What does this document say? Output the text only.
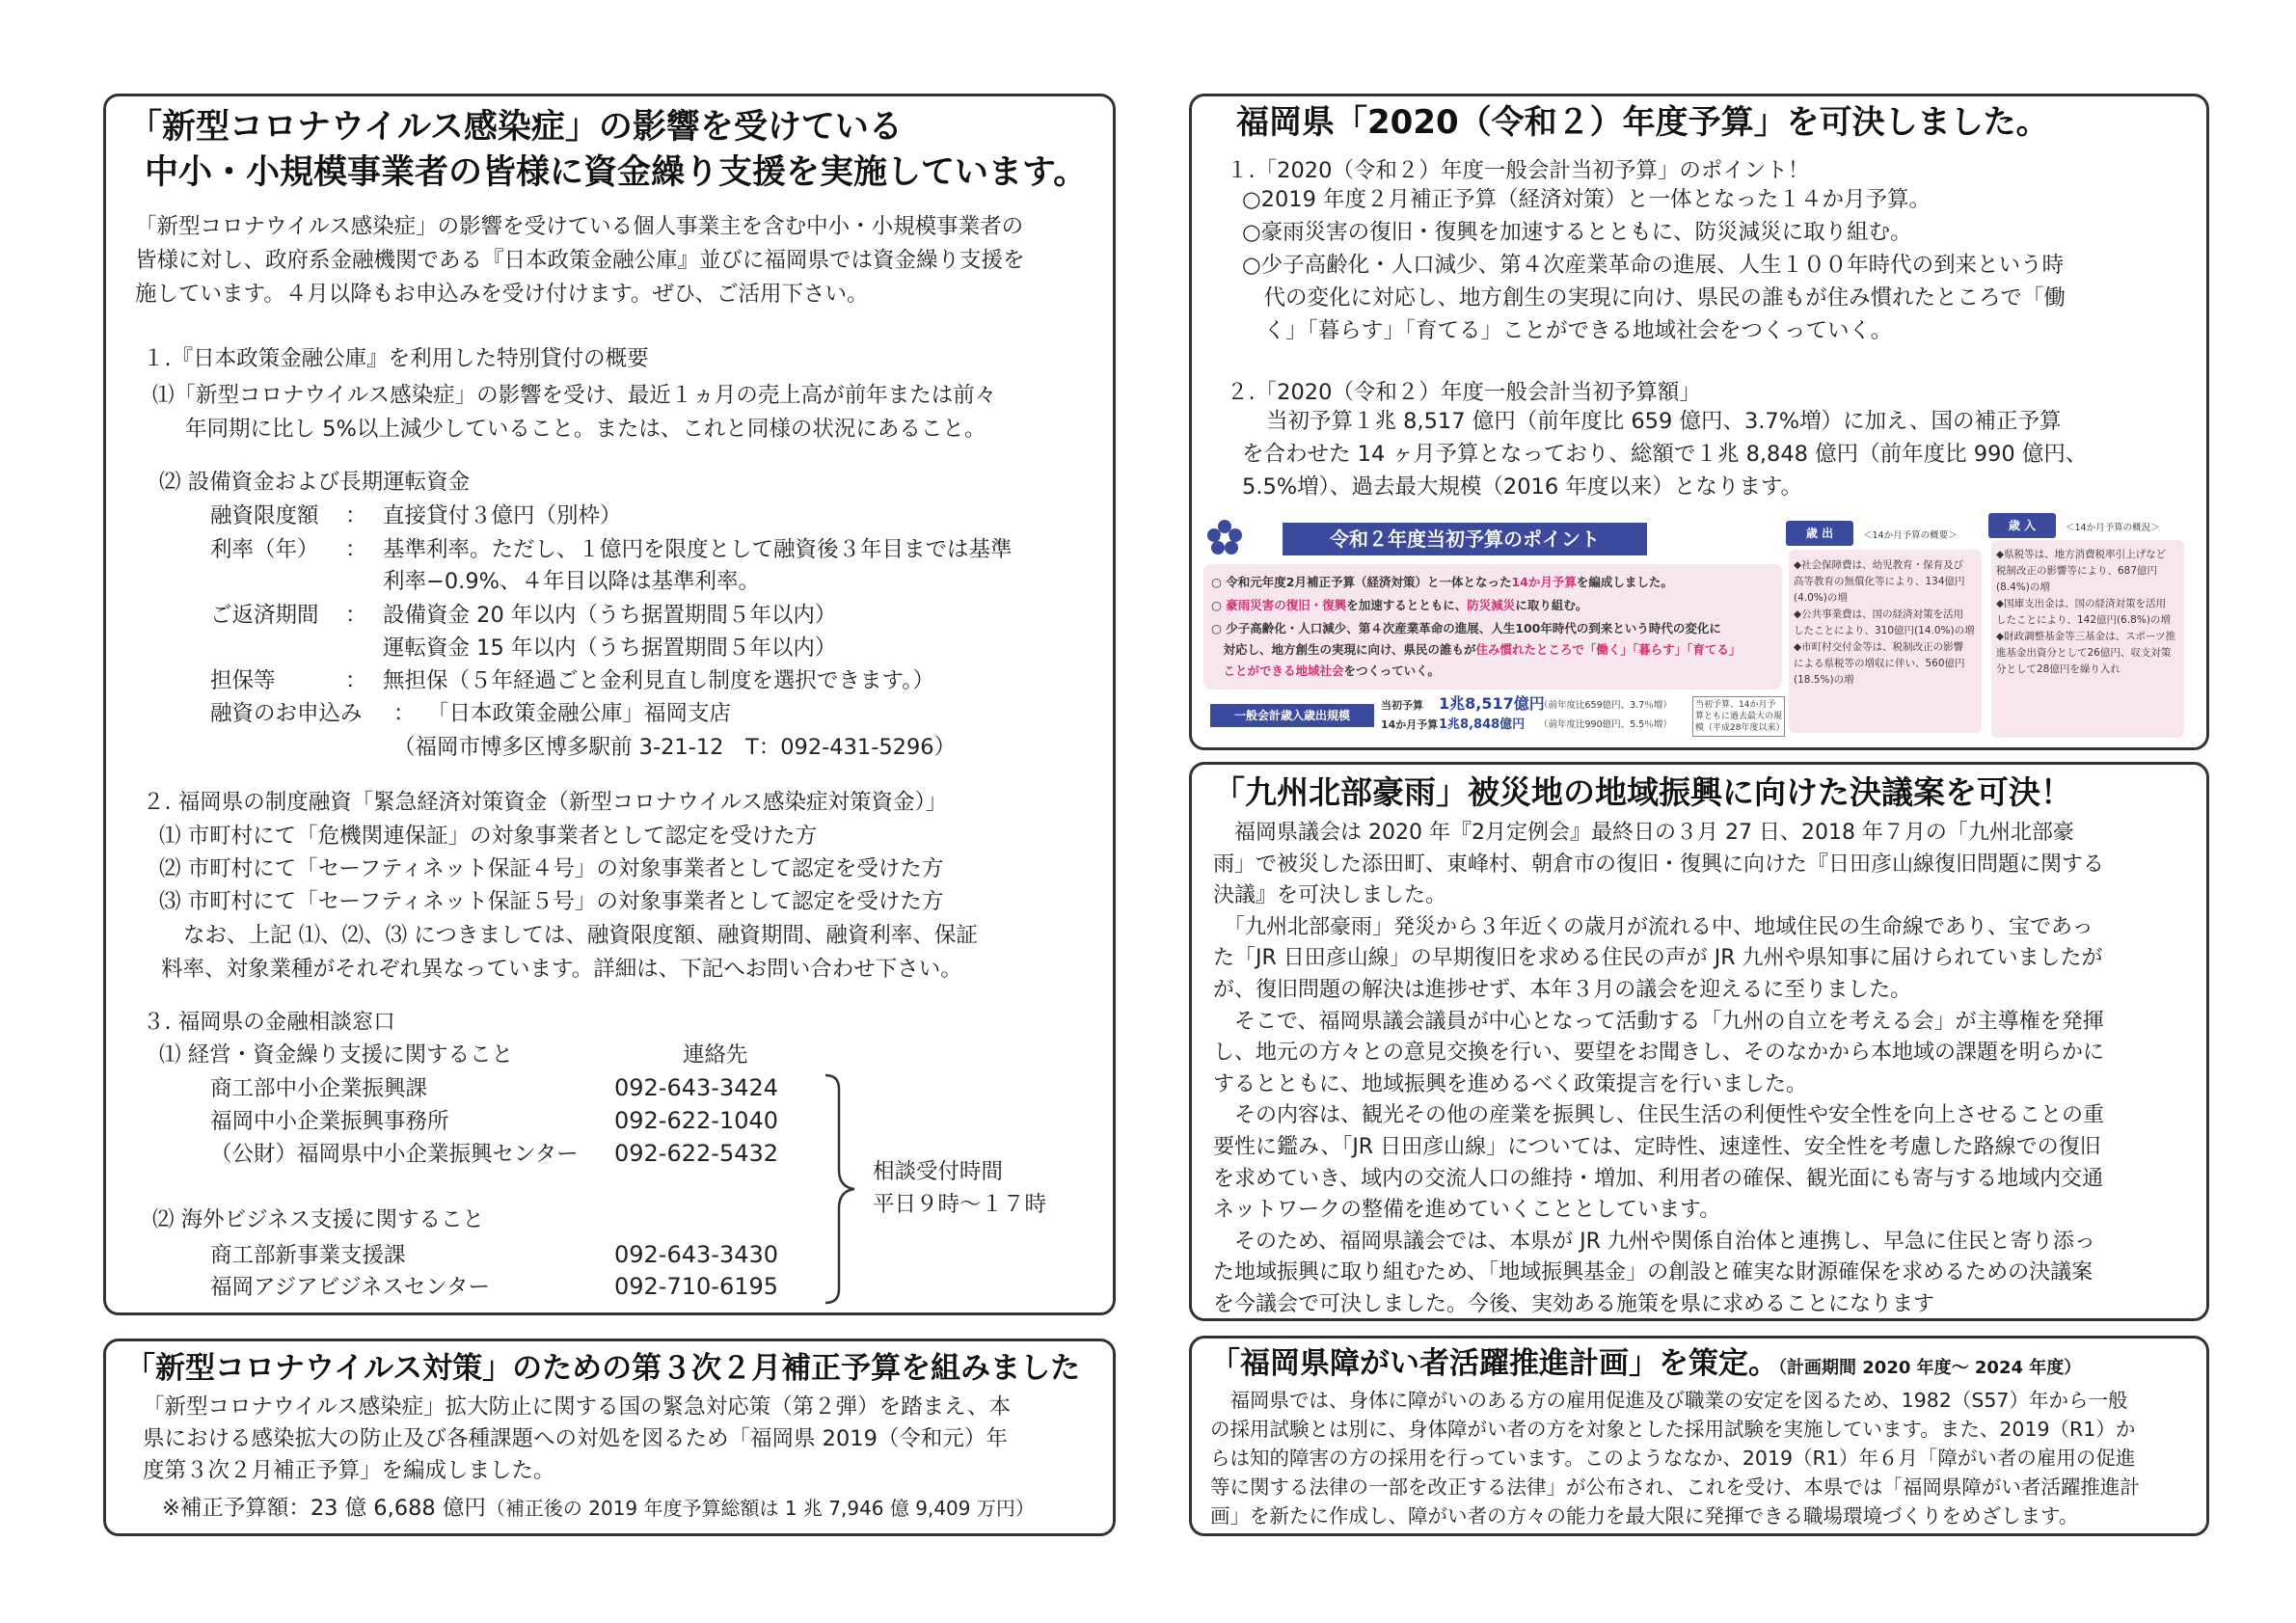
「新型コロナウイルス感染症」の影響を受けている
中小・小規模事業者の皆様に資金繰り支援を実施しています。
「新型コロナウイルス感染症」の影響を受けている個人事業主を含む中小・小規模事業者の
皆様に対し、政府系金融機関である『日本政策金融公庫』並びに福岡県では資金繰り支援を
施しています。４月以降もお申込みを受け付けます。ぜひ、ご活用下さい。
１.『日本政策金融公庫』を利用した特別貸付の概要
⑴「新型コロナウイルス感染症」の影響を受け、最近１ヵ月の売上高が前年または前々
年同期に比し 5%以上減少していること。または、これと同様の状況にあること。
⑵ 設備資金および長期運転資金
融資限度額 ： 直接貸付３億円（別枠）
利率（年） ： 基準利率。ただし、１億円を限度として融資後３年目までは基準
利率−0.9%、４年目以降は基準利率。
ご返済期間 ： 設備資金 20 年以内（うち据置期間５年以内）
運転資金 15 年以内（うち据置期間５年以内）
担保等	： 無担保（５年経過ごと金利見直し制度を選択できます。）
融資のお申込み ： 「日本政策金融公庫」福岡支店
（福岡市博多区博多駅前 3-21-12　T：092-431-5296）
２. 福岡県の制度融資「緊急経済対策資金（新型コロナウイルス感染症対策資金）」
⑴ 市町村にて「危機関連保証」の対象事業者として認定を受けた方
⑵ 市町村にて「セーフティネット保証４号」の対象事業者として認定を受けた方
⑶ 市町村にて「セーフティネット保証５号」の対象事業者として認定を受けた方
なお、上記 ⑴、⑵、⑶ につきましては、融資限度額、融資期間、融資利率、保証
料率、対象業種がそれぞれ異なっています。詳細は、下記へお問い合わせ下さい。
３. 福岡県の金融相談窓口
⑴ 経営・資金繰り支援に関すること	連絡先
商工部中小企業振興課	092-643-3424
福岡中小企業振興事務所	092-622-1040
（公財）福岡県中小企業振興センター 092-622-5432
⑵ 海外ビジネス支援に関すること
商工部新事業支援課	092-643-3430
福岡アジアビジネスセンター	092-710-6195
相談受付時間
平日９時〜１７時
「新型コロナウイルス対策」のための第３次２月補正予算を組みました
「新型コロナウイルス感染症」拡大防止に関する国の緊急対応策（第２弾）を踏まえ、本
県における感染拡大の防止及び各種課題への対処を図るため「福岡県 2019（令和元）年
度第３次２月補正予算」を編成しました。
※補正予算額：23 億 6,688 億円（補正後の 2019 年度予算総額は 1 兆 7,946 億 9,409 万円）
福岡県「2020（令和２）年度予算」を可決しました。
１.「2020（令和２）年度一般会計当初予算」のポイント！
○2019 年度２月補正予算（経済対策）と一体となった１４か月予算。
○豪雨災害の復旧・復興を加速するとともに、防災減災に取り組む。
○少子高齢化・人口減少、第４次産業革命の進展、人生１００年時代の到来という時
　代の変化に対応し、地方創生の実現に向け、県民の誰もが住み慣れたところで「働
　く」「暮らす」「育てる」ことができる地域社会をつくっていく。
２.「2020（令和２）年度一般会計当初予算額」
当初予算１兆 8,517 億円（前年度比 659 億円、3.7%増）に加え、国の補正予算
を合わせた 14 ヶ月予算となっており、総額で１兆 8,848 億円（前年度比 990 億円、
5.5%増）、過去最大規模（2016 年度以来）となります。
令和２年度当初予算のポイント
○ 令和元年度2月補正予算（経済対策）と一体となった14か月予算を編成しました。
○ 豪雨災害の復旧・復興を加速するとともに、防災減災に取り組む。
○ 少子高齢化・人口減少、第４次産業革命の進展、人生100年時代の到来という時代の変化に
　対応し、地方創生の実現に向け、県民の誰もが住み慣れたところで「働く」「暮らす」「育てる」
　ことができる地域社会をつくっていく。
一般会計歳入歳出規模
当初予算 1兆8,517億円
（前年度比659億円、3.7％増）
14か月予算 1兆8,848億円 （前年度比990億円、5.5％増）
当初予算、14か月予算ともに過去最大の規模（平成28年度以来）
歳 出	＜14か月予算の概要＞
◆社会保障費は、幼児教育・保育及び
高等教育の無償化等により、134億円
(4.0%)の増
◆公共事業費は、国の経済対策を活用
したことにより、310億円(14.0%)の増
◆市町村交付金等は、税制改正の影響
による県税等の増収に伴い、560億円
(18.5%)の増
歳 入	＜14か月予算の概況＞
◆県税等は、地方消費税率引上げなど
税制改正の影響等により、687億円
(8.4%)の増
◆国庫支出金は、国の経済対策を活用
したことにより、142億円(6.8%)の増
◆財政調整基金等三基金は、スポーツ推
進基金出資分として26億円、収支対策
分として28億円を繰り入れ
「九州北部豪雨」被災地の地域振興に向けた決議案を可決！
　福岡県議会は 2020 年『2月定例会』最終日の３月 27 日、2018 年７月の「九州北部豪
雨」で被災した添田町、東峰村、朝倉市の復旧・復興に向けた『日田彦山線復旧問題に関する
決議』を可決しました。
　「九州北部豪雨」発災から３年近くの歳月が流れる中、地域住民の生命線であり、宝であっ
た「JR 日田彦山線」の早期復旧を求める住民の声が JR 九州や県知事に届けられていましたが
が、復旧問題の解決は進捗せず、本年３月の議会を迎えるに至りました。
　そこで、福岡県議会議員が中心となって活動する「九州の自立を考える会」が主導権を発揮
し、地元の方々との意見交換を行い、要望をお聞きし、そのなかから本地域の課題を明らかに
するとともに、地域振興を進めるべく政策提言を行いました。
　その内容は、観光その他の産業を振興し、住民生活の利便性や安全性を向上させることの重
要性に鑑み、「JR 日田彦山線」については、定時性、速達性、安全性を考慮した路線での復旧
を求めていき、域内の交流人口の維持・増加、利用者の確保、観光面にも寄与する地域内交通
ネットワークの整備を進めていくこととしています。
　そのため、福岡県議会では、本県が JR 九州や関係自治体と連携し、早急に住民と寄り添っ
た地域振興に取り組むため、「地域振興基金」の創設と確実な財源確保を求めるための決議案
を今議会で可決しました。今後、実効ある施策を県に求めることになります
「福岡県障がい者活躍推進計画」を策定。（計画期間 2020 年度〜 2024 年度）
　福岡県では、身体に障がいのある方の雇用促進及び職業の安定を図るため、1982（S57）年から一般
の採用試験とは別に、身体障がい者の方を対象とした採用試験を実施しています。また、2019（R1）か
らは知的障害の方の採用を行っています。このようななか、2019（R1）年６月「障がい者の雇用の促進
等に関する法律の一部を改正する法律」が公布され、これを受け、本県では「福岡県障がい者活躍推進計
画」を新たに作成し、障がい者の方々の能力を最大限に発揮できる職場環境づくりをめざします。
